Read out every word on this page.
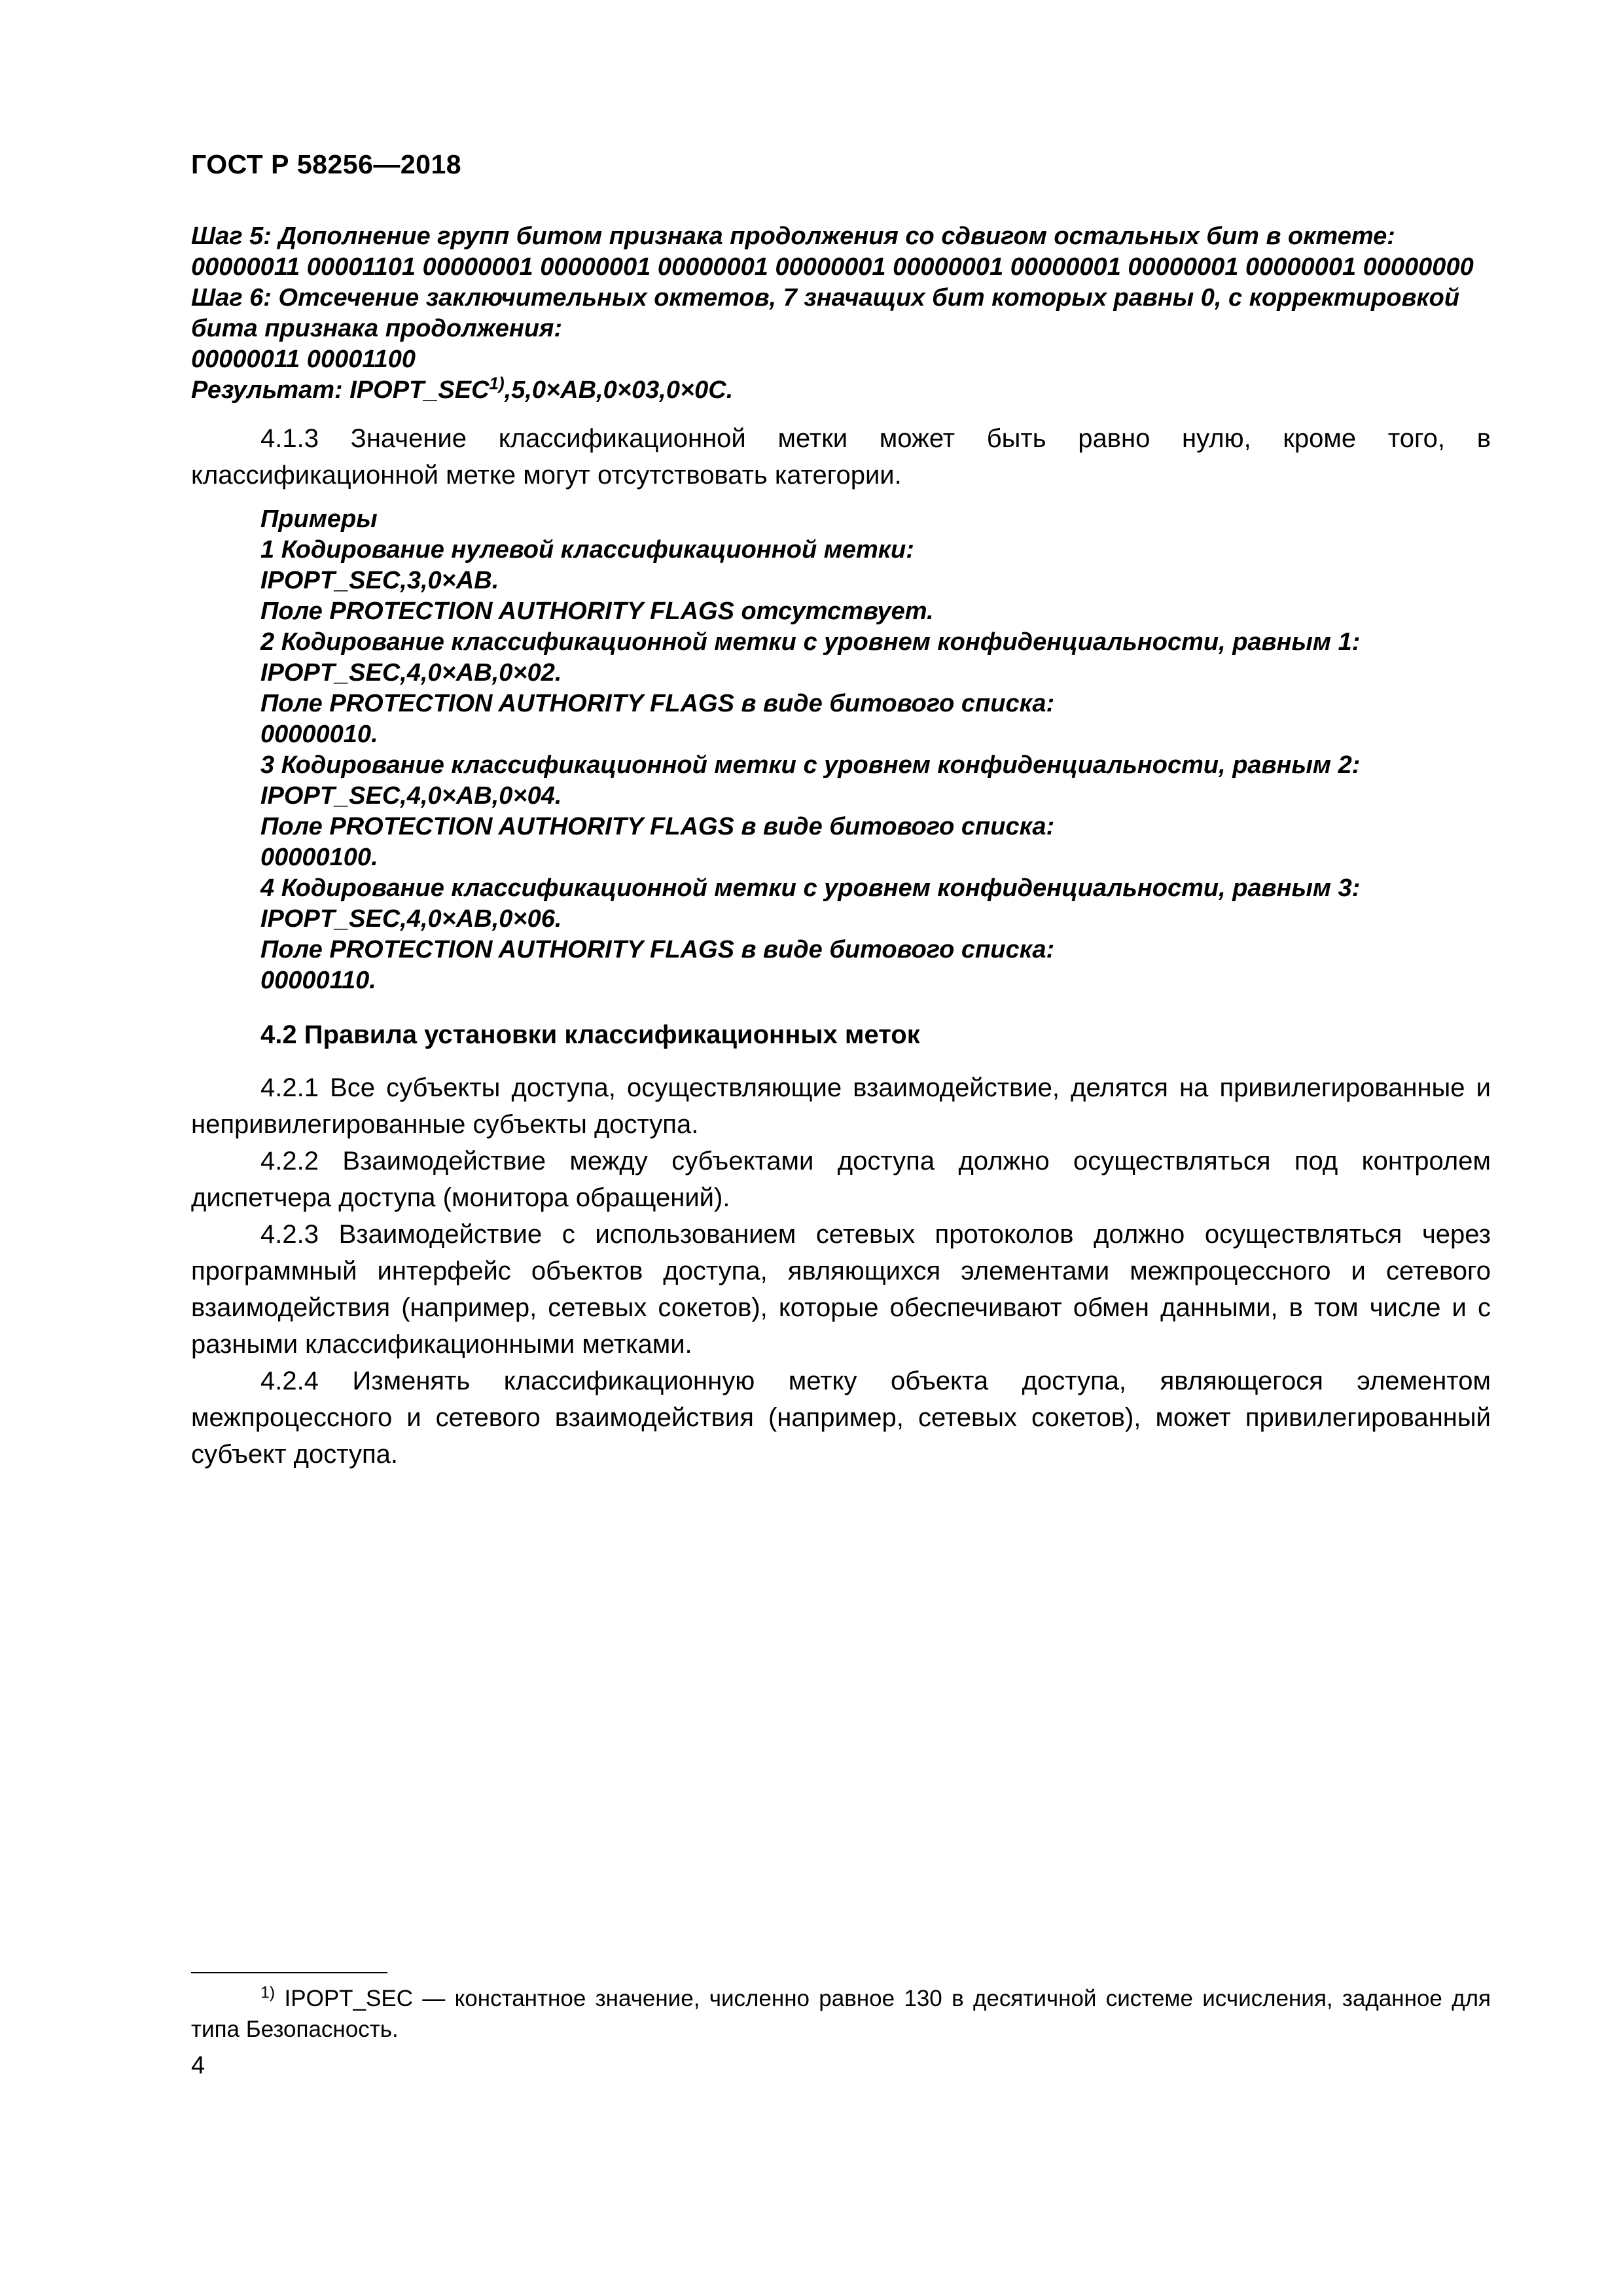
ГОСТ Р 58256—2018

Шаг 5: Дополнение групп битом признака продолжения со сдвигом остальных бит в октете:

00000011 00001101 00000001 00000001 00000001 00000001 00000001 00000001 00000001 00000001 00000000

Шаг 6: Отсечение заключительных октетов, 7 значащих бит которых равны 0, с корректировкой бита признака продолжения:

00000011 00001100

Результат: $IPOPT\_SEC^{1)},5,0\times AB,0\times 03,0\times 0C$.

4.1.3 Значение классификационной метки может быть равно нулю, кроме того, в классификационной метке могут отсутствовать категории.

Примеры

1 Кодирование нулевой классификационной метки:

IPOPT_SEC,3,0×AB.

Поле PROTECTION AUTHORITY FLAGS отсутствует.

2 Кодирование классификационной метки с уровнем конфиденциальности, равным 1:

IPOPT_SEC,4,0×AB,0×02.

Поле PROTECTION AUTHORITY FLAGS в виде битового списка:

00000010.

3 Кодирование классификационной метки с уровнем конфиденциальности, равным 2:

IPOPT_SEC,4,0×AB,0×04.

Поле PROTECTION AUTHORITY FLAGS в виде битового списка:

00000100.

4 Кодирование классификационной метки с уровнем конфиденциальности, равным 3:

IPOPT_SEC,4,0×AB,0×06.

Поле PROTECTION AUTHORITY FLAGS в виде битового списка:

00000110.

4.2 Правила установки классификационных меток

4.2.1 Все субъекты доступа, осуществляющие взаимодействие, делятся на привилегированные и непривилегированные субъекты доступа.

4.2.2 Взаимодействие между субъектами доступа должно осуществляться под контролем диспетчера доступа (монитора обращений).

4.2.3 Взаимодействие с использованием сетевых протоколов должно осуществляться через программный интерфейс объектов доступа, являющихся элементами межпроцессного и сетевого взаимодействия (например, сетевых сокетов), которые обеспечивают обмен данными, в том числе и с разными классификационными метками.

4.2.4 Изменять классификационную метку объекта доступа, являющегося элементом межпроцессного и сетевого взаимодействия (например, сетевых сокетов), может привилегированный субъект доступа.

$^{1)}$ IPOPT_SEC — константное значение, численно равное 130 в десятичной системе исчисления, заданное для типа Безопасность.
4
